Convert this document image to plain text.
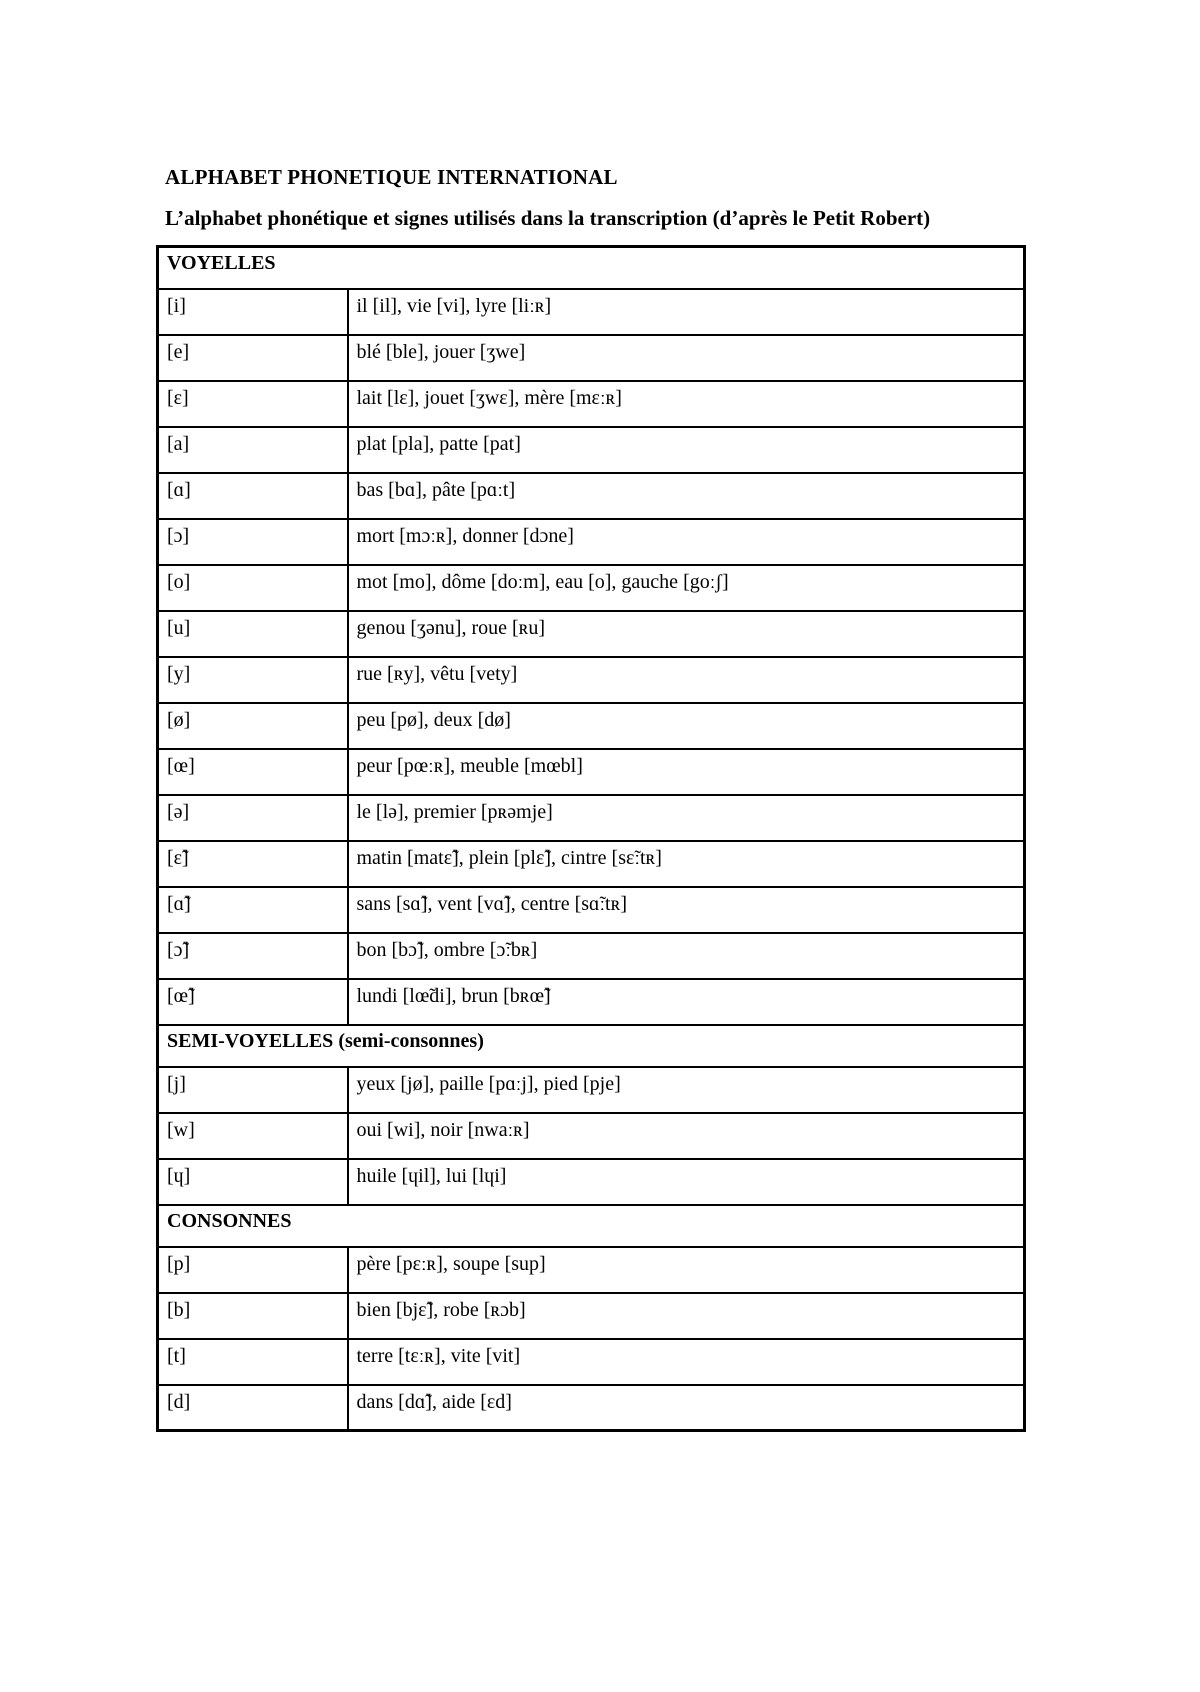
ALPHABET PHONETIQUE INTERNATIONAL
L’alphabet phonétique et signes utilisés dans la transcription (d’après le Petit Robert)
VOYELLES	
[i]	il [il], vie [vi], lyre [liːʀ]
[e]	blé [ble], jouer [ʒwe]
[ɛ]	lait [lɛ], jouet [ʒwɛ], mère [mɛːʀ]
[a]	plat [pla], patte [pat]
[ɑ]	bas [bɑ], pâte [pɑːt]
[ɔ]	mort [mɔːʀ], donner [dɔne]
[o]	mot [mo], dôme [doːm], eau [o], gauche [goːʃ]
[u]	genou [ʒənu], roue [ʀu]
[y]	rue [ʀy], vêtu [vety]
[ø]	peu [pø], deux [dø]
[œ]	peur [pœːʀ], meuble [mœbl]
[ə]	le [lə], premier [pʀəmje]
[ɛ̃]	matin [matɛ̃], plein [plɛ̃], cintre [sɛ̃ːtʀ]
[ɑ̃]	sans [sɑ̃], vent [vɑ̃], centre [sɑ̃ːtʀ]
[ɔ̃]	bon [bɔ̃], ombre [ɔ̃ːbʀ]
[œ̃]	lundi [lœ̃di], brun [bʀœ̃]
SEMI-VOYELLES (semi-consonnes)	
[j]	yeux [jø], paille [pɑːj], pied [pje]
[w]	oui [wi], noir [nwaːʀ]
[ɥ]	huile [ɥil], lui [lɥi]
CONSONNES	
[p]	père [pɛːʀ], soupe [sup]
[b]	bien [bjɛ̃], robe [ʀɔb]
[t]	terre [tɛːʀ], vite [vit]
[d]	dans [dɑ̃], aide [ɛd]
